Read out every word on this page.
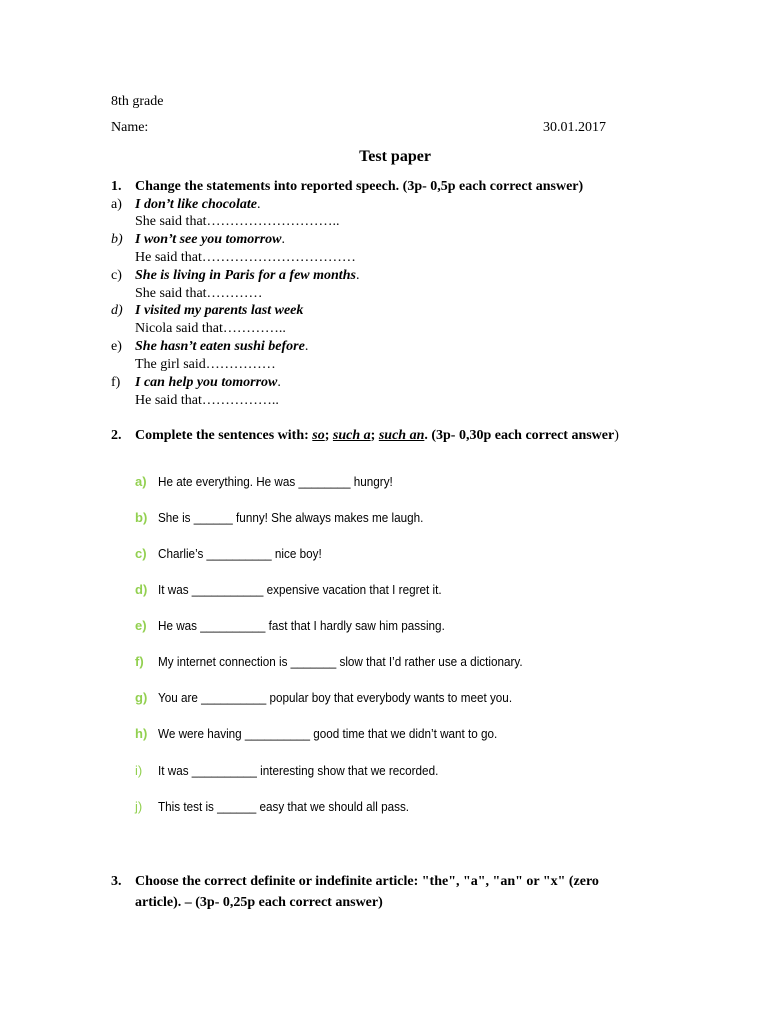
8th grade
Name:	30.01.2017
Test paper
1. Change the statements into reported speech. (3p- 0,5p each correct answer)
a) I don’t like chocolate.
She said that………………………..
b) I won’t see you tomorrow.
He said that……………………………
c) She is living in Paris for a few months.
She said that…………
d) I visited my parents last week
Nicola said that…………..
e) She hasn’t eaten sushi before.
The girl said……………
f) I can help you tomorrow.
He said that……………..
2. Complete the sentences with: so; such a; such an. (3p- 0,30p each correct answer)
a) He ate everything. He was ________ hungry!
b) She is ______ funny! She always makes me laugh.
c) Charlie’s __________ nice boy!
d) It was ___________ expensive vacation that I regret it.
e) He was __________ fast that I hardly saw him passing.
f) My internet connection is _______ slow that I’d rather use a dictionary.
g) You are __________ popular boy that everybody wants to meet you.
h) We were having __________ good time that we didn’t want to go.
i) It was __________ interesting show that we recorded.
j) This test is ______ easy that we should all pass.
3. Choose the correct definite or indefinite article: "the", "a", "an" or "x" (zero
article). – (3p- 0,25p each correct answer)
